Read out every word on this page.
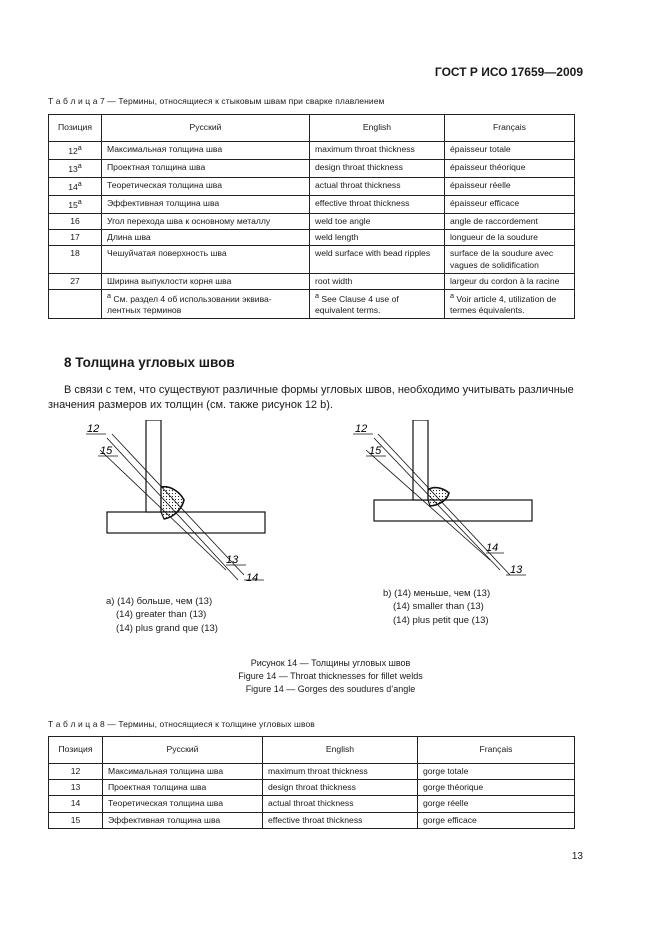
ГОСТ Р ИСО 17659—2009
Т а б л и ц а 7 — Термины, относящиеся к стыковым швам при сварке плавлением
Позиция	Русский	English	Français
12$^a$	Максимальная толщина шва	maximum throat thickness	épaisseur totale
13$^a$	Проектная толщина шва	design throat thickness	épaisseur théorique
14$^a$	Теоретическая толщина шва	actual throat thickness	épaisseur réelle
15$^a$	Эффективная толщина шва	effective throat thickness	épaisseur efficace
16	Угол перехода шва к основному металлу	weld toe angle	angle de raccordement
17	Длина шва	weld length	longueur de la soudure
18	Чешуйчатая поверхность шва	weld surface with bead ripples	surface de la soudure avec vagues de solidification
27	Ширина выпуклости корня шва	root width	largeur du cordon à la racine
	$^a$ См. раздел 4 об использовании эквива-лентных терминов	$^a$ See Clause 4 use of equivalent terms.	$^a$ Voir article 4, utilization de termes équivalents.
8 Толщина угловых швов
В связи с тем, что существуют различные формы угловых швов, необходимо учитывать различные значения размеров их толщин (см. также рисунок 12 b).
12
15
13
14
12
15
14
13
a) (14) больше, чем (13)
(14) greater than (13)
(14) plus grand que (13)
b) (14) меньше, чем (13)
(14) smaller than (13)
(14) plus petit que (13)
Рисунок 14 — Толщины угловых швов
Figure 14 — Throat thicknesses for fillet welds
Figure 14 — Gorges des soudures d’angle
Т а б л и ц а 8 — Термины, относящиеся к толщине угловых швов
Позиция	Русский	English	Français
12	Максимальная толщина шва	maximum throat thickness	gorge totale
13	Проектная толщина шва	design throat thickness	gorge théorique
14	Теоретическая толщина шва	actual throat thickness	gorge réelle
15	Эффективная толщина шва	effective throat thickness	gorge efficace
13
